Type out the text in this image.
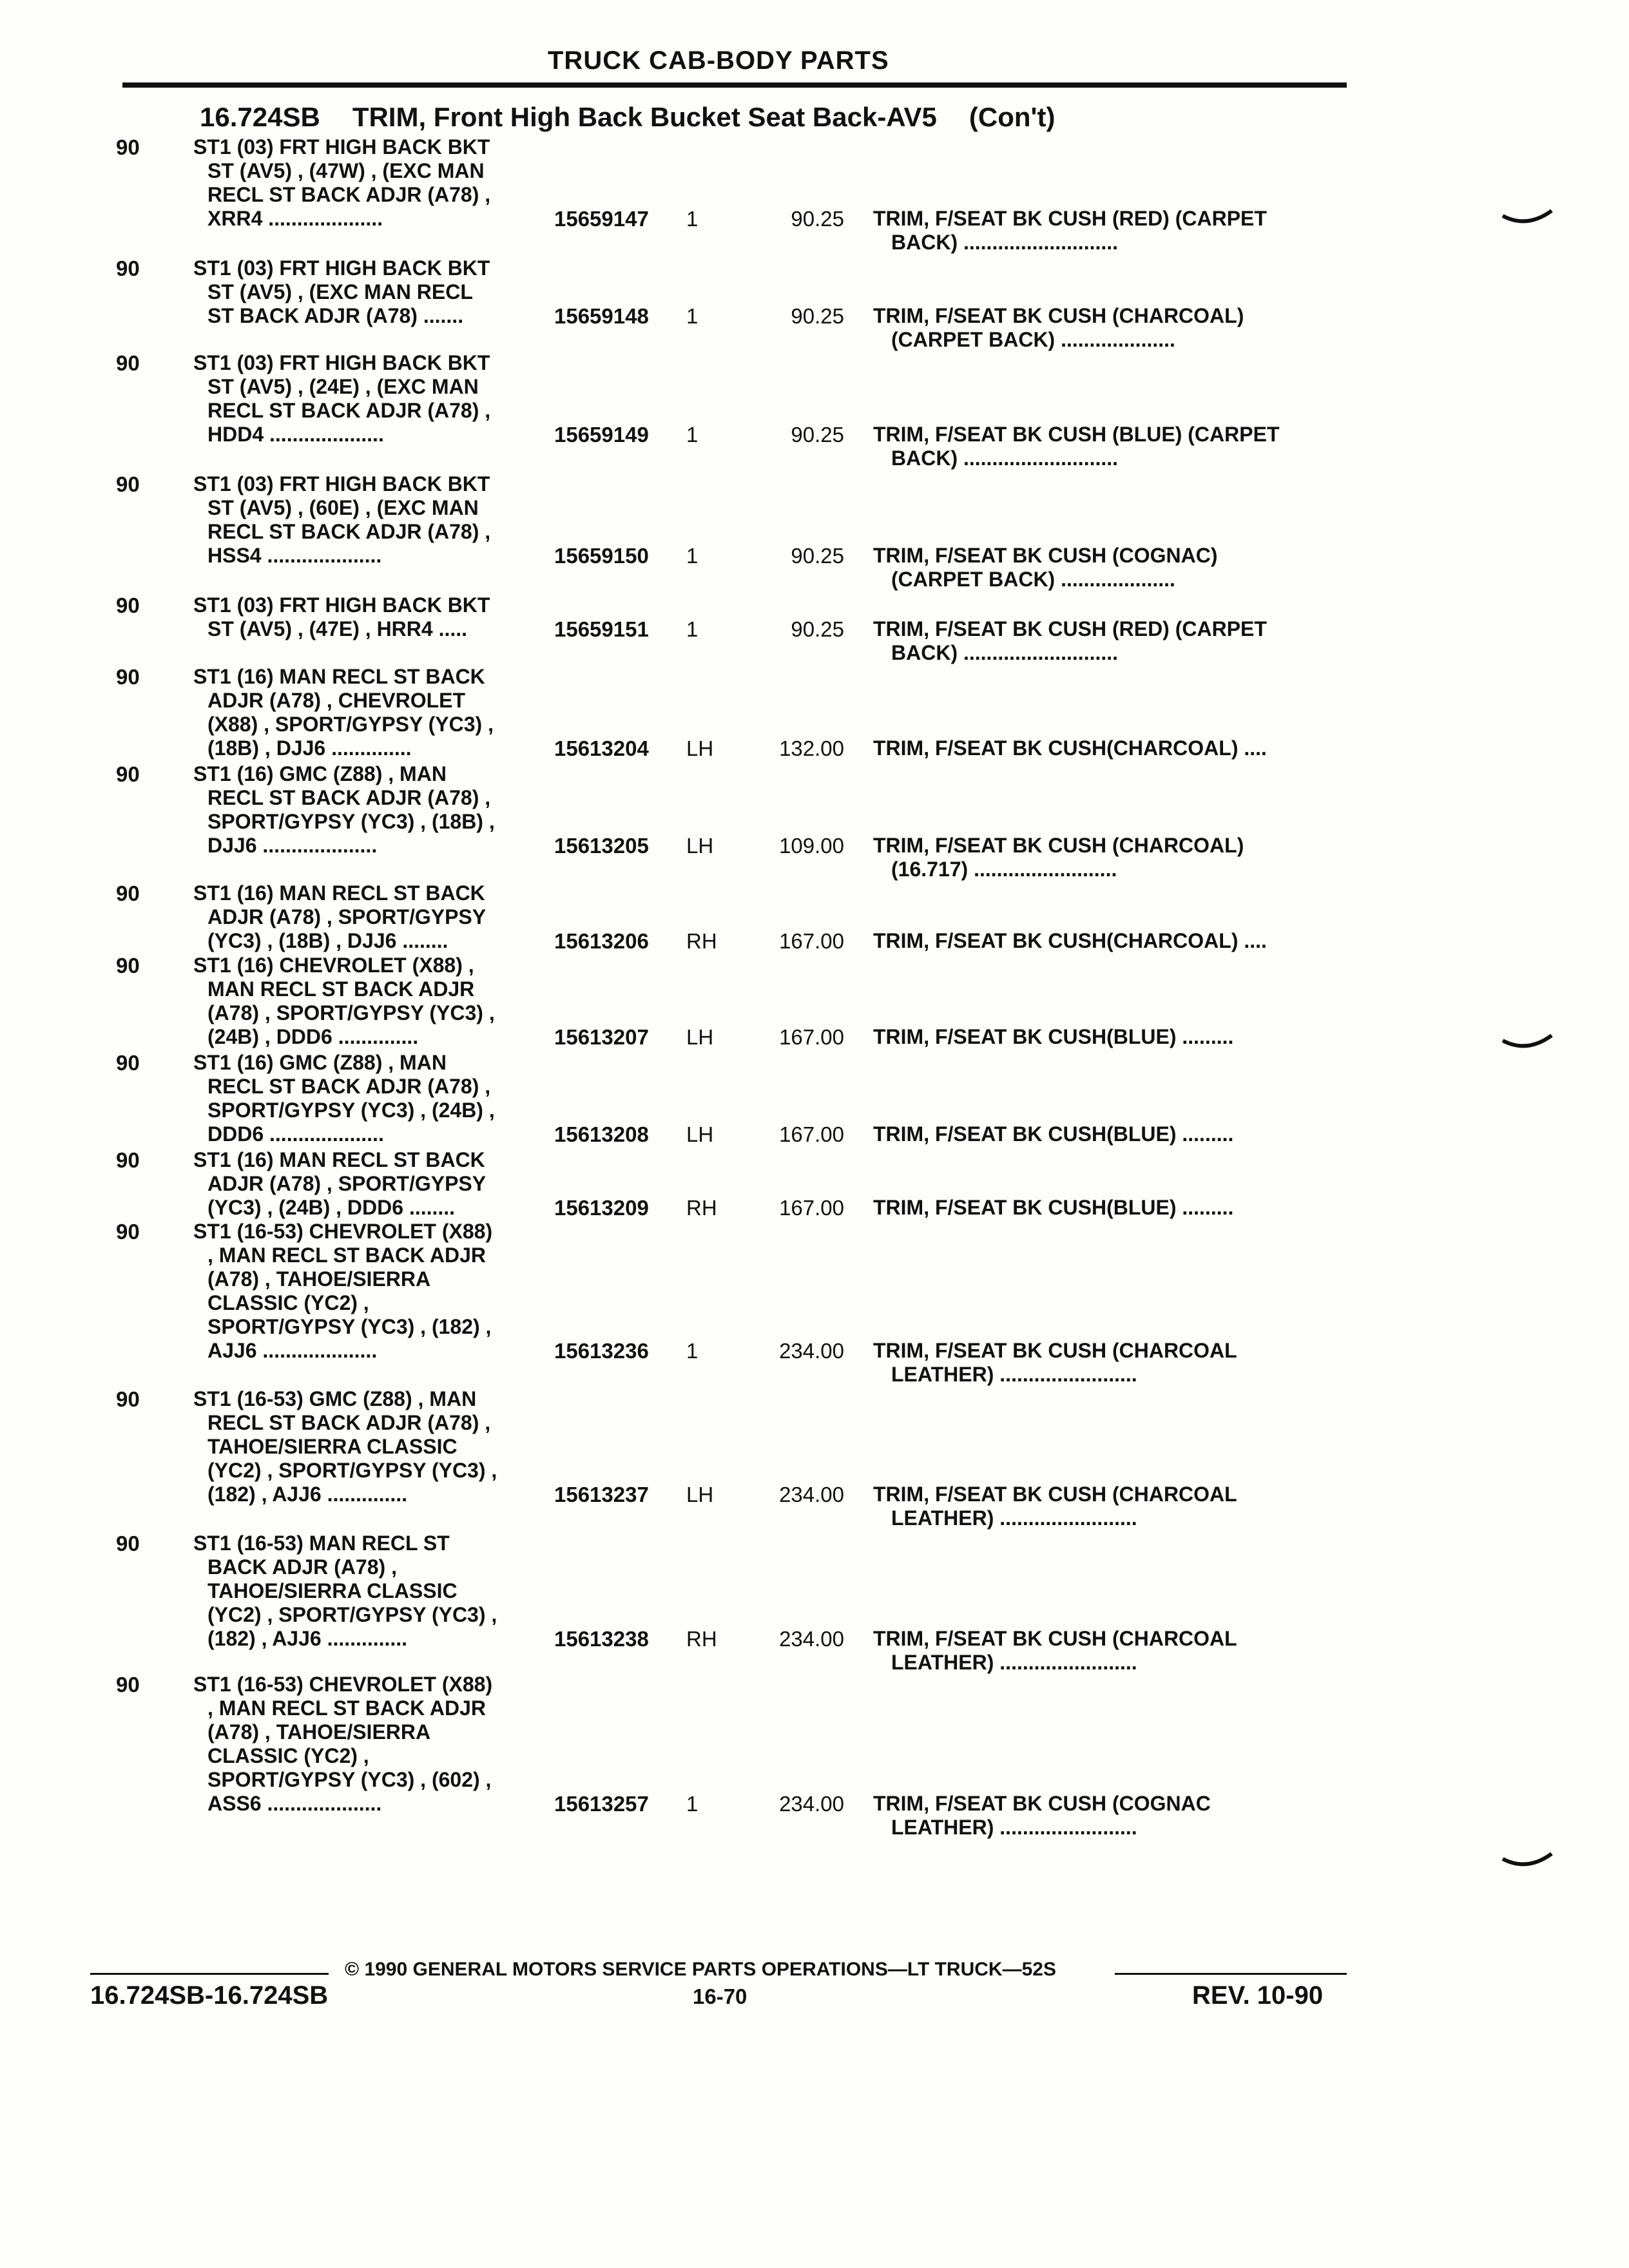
TRUCK CAB-BODY PARTS
16.724SB TRIM, Front High Back Bucket Seat Back-AV5 (Con't)
90	ST1 (03) FRT HIGH BACK BKT
ST (AV5) , (47W) , (EXC MAN
RECL ST BACK ADJR (A78) ,
XRR4 ....................	15659147 1	90.25 TRIM, F/SEAT BK CUSH (RED) (CARPET
BACK) ...........................
90	ST1 (03) FRT HIGH BACK BKT
ST (AV5) , (EXC MAN RECL
ST BACK ADJR (A78) .......	15659148 1	90.25 TRIM, F/SEAT BK CUSH (CHARCOAL)
(CARPET BACK) ....................
90	ST1 (03) FRT HIGH BACK BKT
ST (AV5) , (24E) , (EXC MAN
RECL ST BACK ADJR (A78) ,
HDD4 ....................	15659149 1	90.25 TRIM, F/SEAT BK CUSH (BLUE) (CARPET
BACK) ...........................
90	ST1 (03) FRT HIGH BACK BKT
ST (AV5) , (60E) , (EXC MAN
RECL ST BACK ADJR (A78) ,
HSS4 ....................	15659150 1	90.25 TRIM, F/SEAT BK CUSH (COGNAC)
(CARPET BACK) ....................
90	ST1 (03) FRT HIGH BACK BKT
ST (AV5) , (47E) , HRR4 .....	15659151 1	90.25 TRIM, F/SEAT BK CUSH (RED) (CARPET
BACK) ...........................
90	ST1 (16) MAN RECL ST BACK
ADJR (A78) , CHEVROLET
(X88) , SPORT/GYPSY (YC3) ,
(18B) , DJJ6 ..............	15613204 LH	132.00 TRIM, F/SEAT BK CUSH(CHARCOAL) ....
90	ST1 (16) GMC (Z88) , MAN
RECL ST BACK ADJR (A78) ,
SPORT/GYPSY (YC3) , (18B) ,
DJJ6 ....................	15613205 LH	109.00 TRIM, F/SEAT BK CUSH (CHARCOAL)
(16.717) .........................
90	ST1 (16) MAN RECL ST BACK
ADJR (A78) , SPORT/GYPSY
(YC3) , (18B) , DJJ6 ........	15613206 RH	167.00 TRIM, F/SEAT BK CUSH(CHARCOAL) ....
90	ST1 (16) CHEVROLET (X88) ,
MAN RECL ST BACK ADJR
(A78) , SPORT/GYPSY (YC3) ,
(24B) , DDD6 ..............	15613207 LH	167.00 TRIM, F/SEAT BK CUSH(BLUE) .........
90	ST1 (16) GMC (Z88) , MAN
RECL ST BACK ADJR (A78) ,
SPORT/GYPSY (YC3) , (24B) ,
DDD6 ....................	15613208 LH	167.00 TRIM, F/SEAT BK CUSH(BLUE) .........
90	ST1 (16) MAN RECL ST BACK
ADJR (A78) , SPORT/GYPSY
(YC3) , (24B) , DDD6 ........	15613209 RH	167.00 TRIM, F/SEAT BK CUSH(BLUE) .........
90	ST1 (16-53) CHEVROLET (X88)
, MAN RECL ST BACK ADJR
(A78) , TAHOE/SIERRA
CLASSIC (YC2) ,
SPORT/GYPSY (YC3) , (182) ,
AJJ6 ....................	15613236 1	234.00 TRIM, F/SEAT BK CUSH (CHARCOAL
LEATHER) ........................
90	ST1 (16-53) GMC (Z88) , MAN
RECL ST BACK ADJR (A78) ,
TAHOE/SIERRA CLASSIC
(YC2) , SPORT/GYPSY (YC3) ,
(182) , AJJ6 ..............	15613237 LH	234.00 TRIM, F/SEAT BK CUSH (CHARCOAL
LEATHER) ........................
90	ST1 (16-53) MAN RECL ST
BACK ADJR (A78) ,
TAHOE/SIERRA CLASSIC
(YC2) , SPORT/GYPSY (YC3) ,
(182) , AJJ6 ..............	15613238 RH	234.00 TRIM, F/SEAT BK CUSH (CHARCOAL
LEATHER) ........................
90	ST1 (16-53) CHEVROLET (X88)
, MAN RECL ST BACK ADJR
(A78) , TAHOE/SIERRA
CLASSIC (YC2) ,
SPORT/GYPSY (YC3) , (602) ,
ASS6 ....................	15613257 1	234.00 TRIM, F/SEAT BK CUSH (COGNAC
LEATHER) ........................
© 1990 GENERAL MOTORS SERVICE PARTS OPERATIONS—LT TRUCK—52S
16.724SB-16.724SB	16-70	REV. 10-90
